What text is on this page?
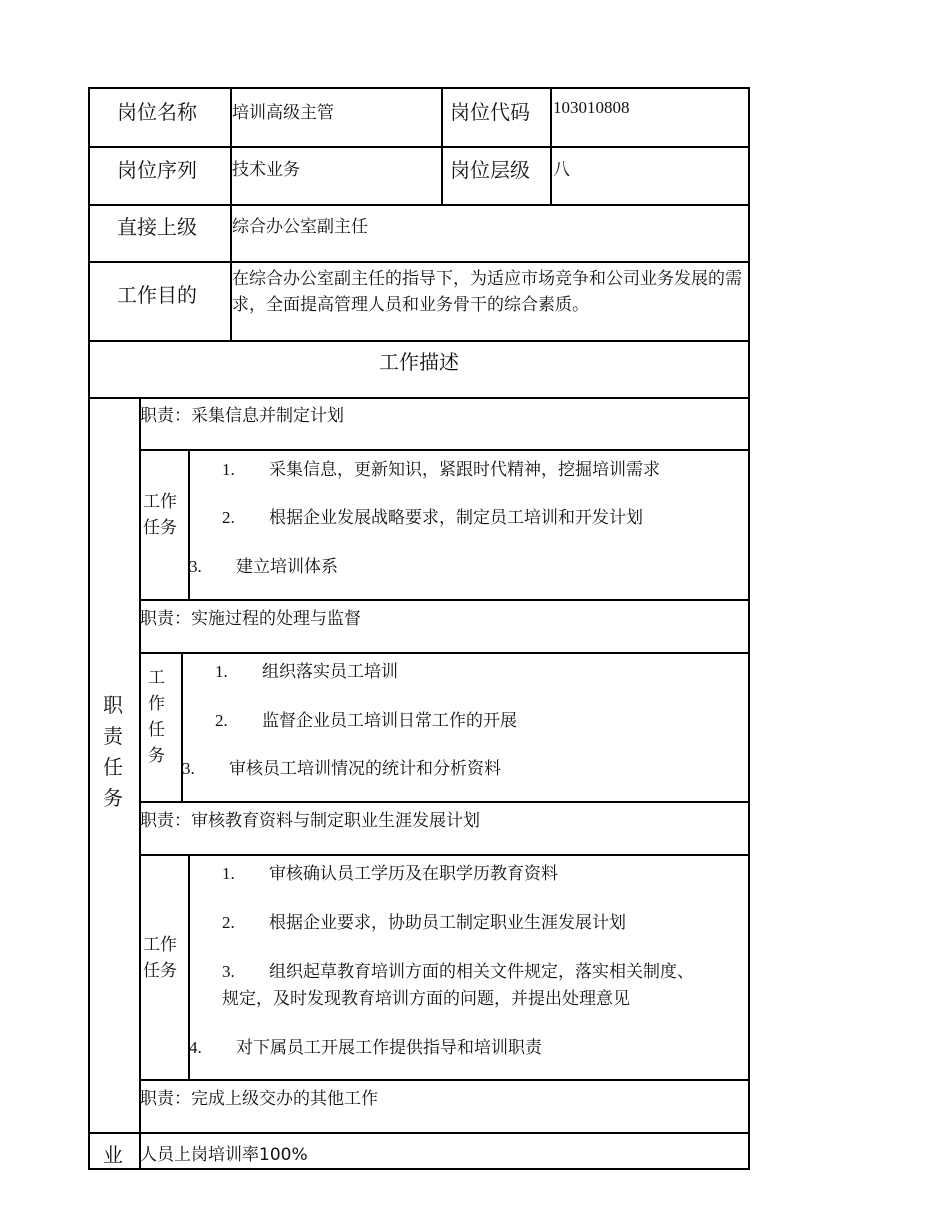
岗位名称 培训高级主管	岗位代码 103010808
岗位序列 技术业务	岗位层级 八
直接上级 综合办公室副主任
工作目的
在综合办公室副主任的指导下，为适应市场竞争和公司业务发展的需求，全面提高管理人员和业务骨干的综合素质。
工作描述
职责任务
职责：采集信息并制定计划
工作任务
1. 采集信息，更新知识，紧跟时代精神，挖掘培训需求
2. 根据企业发展战略要求，制定员工培训和开发计划
3. 建立培训体系
职责：实施过程的处理与监督
工作任务
1. 组织落实员工培训
2. 监督企业员工培训日常工作的开展
3. 审核员工培训情况的统计和分析资料
职责：审核教育资料与制定职业生涯发展计划
工作任务
1. 审核确认员工学历及在职学历教育资料
2. 根据企业要求，协助员工制定职业生涯发展计划
3. 组织起草教育培训方面的相关文件规定，落实相关制度、
规定，及时发现教育培训方面的问题，并提出处理意见
4. 对下属员工开展工作提供指导和培训职责
职责：完成上级交办的其他工作
业 人员上岗培训率100%
